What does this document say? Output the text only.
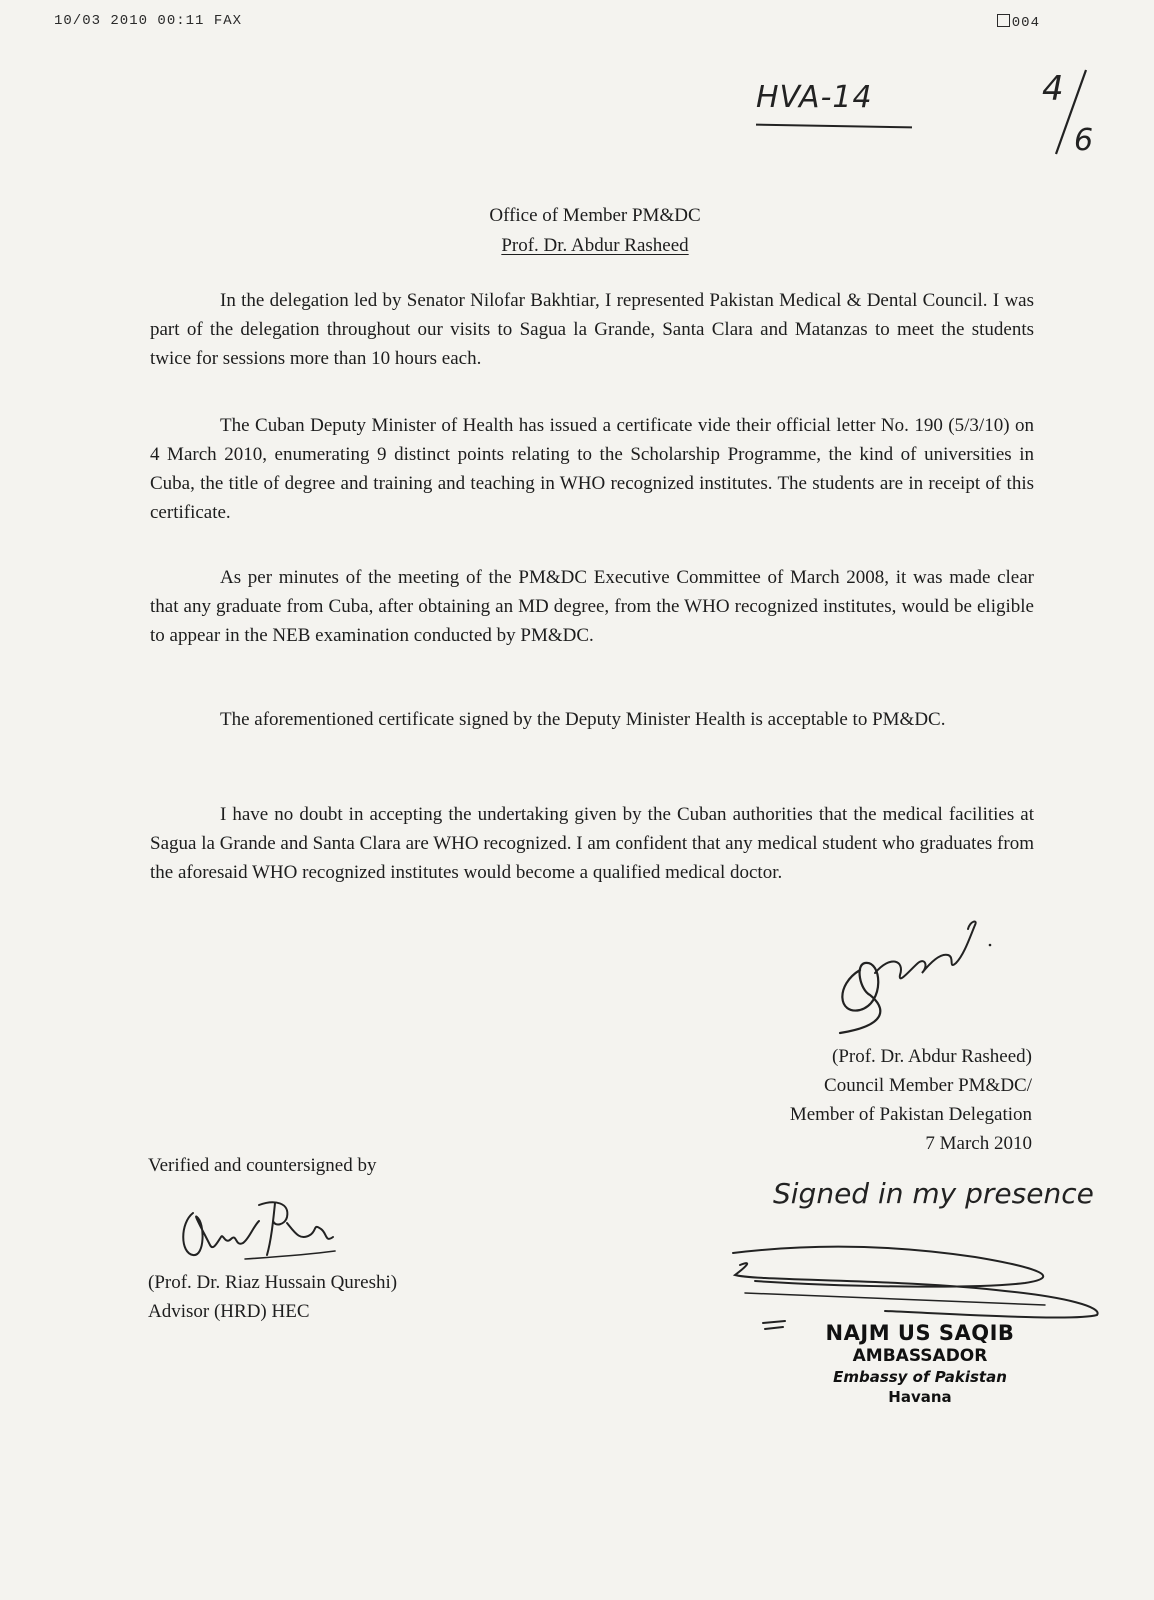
10/03 2010 00:11 FAX	004
HVA-14	4
6
Office of Member PM&DC
Prof. Dr. Abdur Rasheed

In the delegation led by Senator Nilofar Bakhtiar, I represented Pakistan Medical & Dental Council. I was part of the delegation throughout our visits to Sagua la Grande, Santa Clara and Matanzas to meet the students twice for sessions more than 10 hours each.

The Cuban Deputy Minister of Health has issued a certificate vide their official letter No. 190 (5/3/10) on 4 March 2010, enumerating 9 distinct points relating to the Scholarship Programme, the kind of universities in Cuba, the title of degree and training and teaching in WHO recognized institutes. The students are in receipt of this certificate.

As per minutes of the meeting of the PM&DC Executive Committee of March 2008, it was made clear that any graduate from Cuba, after obtaining an MD degree, from the WHO recognized institutes, would be eligible to appear in the NEB examination conducted by PM&DC.

The aforementioned certificate signed by the Deputy Minister Health is acceptable to PM&DC.

I have no doubt in accepting the undertaking given by the Cuban authorities that the medical facilities at Sagua la Grande and Santa Clara are WHO recognized. I am confident that any medical student who graduates from the aforesaid WHO recognized institutes would become a qualified medical doctor.

(Prof. Dr. Abdur Rasheed)
Council Member PM&DC/
Member of Pakistan Delegation
7 March 2010
Verified and countersigned by
(Prof. Dr. Riaz Hussain Qureshi)
Advisor (HRD) HEC
Signed in my presence
NAJM US SAQIB
AMBASSADOR
Embassy of Pakistan
Havana
